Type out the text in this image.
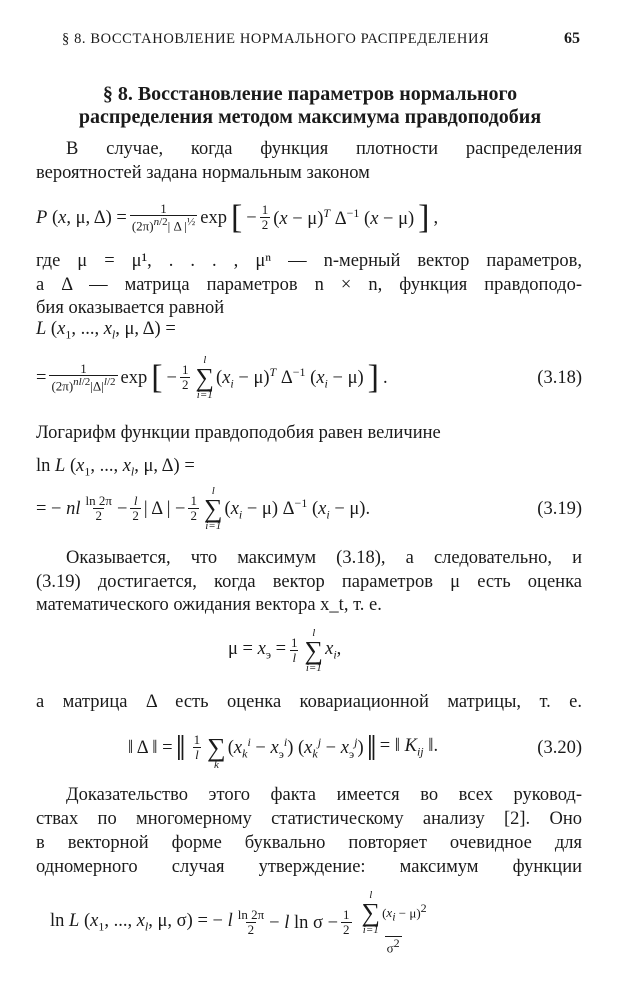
§ 8. ВОССТАНОВЛЕНИЕ НОРМАЛЬНОГО РАСПРЕДЕЛЕНИЯ	65
§ 8. Восстановление параметров нормального
распределения методом максимума правдоподобия
В случае, когда функция плотности распределения
вероятностей задана нормальным законом
P (x, μ, $\Delta) = \frac{1}{(2\pi)^{n/2}| \Delta |^{\frac{1}{2}}}$ exp [ − $\frac{1}{2} (x - \mu)^T$ $\Delta^{-1}$ (x − μ) ] ,
где μ = μ¹, . . . , μⁿ — n-мерный вектор параметров,
а Δ — матрица параметров n × n, функция правдоподо-
бия оказывается равной
L ($x_1$, ..., $x_l$, μ, Δ) =
= $\frac{1}{(2\pi)^{nl/2}|\Delta|^{l/2}}$ exp [ − $\frac{1}{2}$
l
∑
i=1
$(x_i - \mu)^T$ $\Delta^{-1}$ $(x_i - \mu)$ ] .	(3.18)
Логарифм функции правдоподобия равен величине
ln L ($x_1$, ..., $x_l$, μ, Δ) =
= − nl $\frac{\ln 2\pi}{2} - \frac{l}{2}$ | Δ | − $\frac{1}{2}$
l
∑
i=1
$(x_i - \mu)$ $\Delta^{-1}$ $(x_i - \mu)$.	(3.19)
Оказывается, что максимум (3.18), а следовательно, и
(3.19) достигается, когда вектор параметров μ есть оценка
математического ожидания вектора x_t, т. е.
$\mu = x_э = \frac{1}{l}$
l
∑
i=1
$x_i$,
а матрица Δ есть оценка ковариационной матрицы, т. е.
‖ Δ ‖ = ‖ $\frac{1}{l}$
∑
k
$(x_k^i - x_э^i) (x_k^j - x_э^j)$ ‖ = ‖ $K_{ij}$ ‖.	(3.20)
Доказательство этого факта имеется во всех руковод-
ствах по многомерному статистическому анализу [2]. Оно
в векторной форме буквально повторяет очевидное для
одномерного случая утверждение: максимум функции
ln L ($x_1$, ..., $x_l$, μ, σ) = − l $\frac{\ln 2\pi}{2} - l$ $\ln \sigma - \frac{1}{2}$ l
∑
i=1
$(x_i - \mu)^2$
$\sigma^2$
